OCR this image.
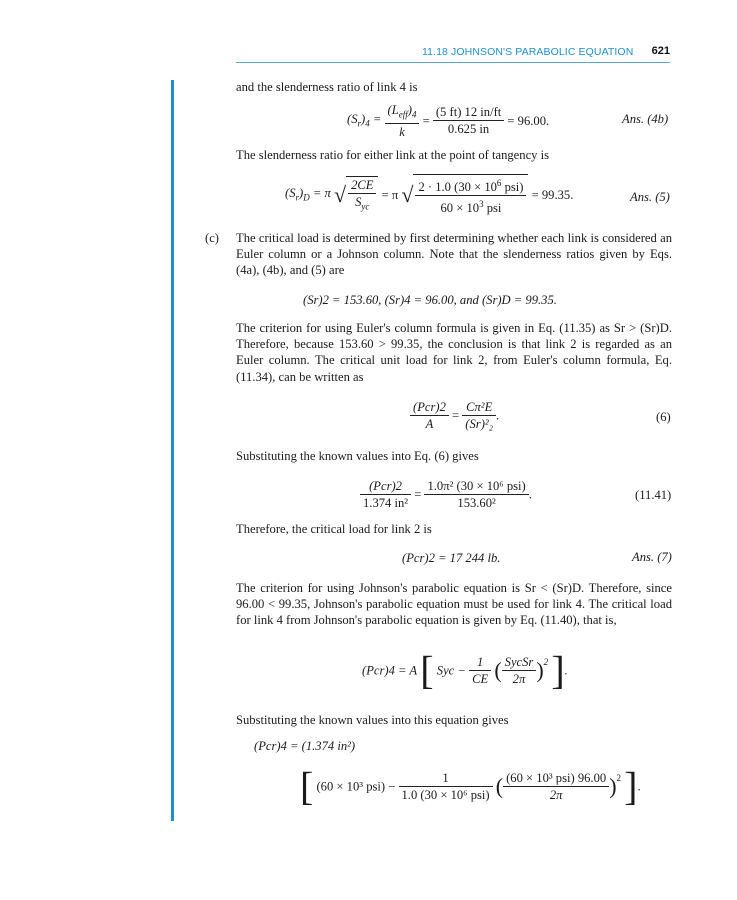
11.18 JOHNSON'S PARABOLIC EQUATION 621
and the slenderness ratio of link 4 is
$(S_r)_4 = \frac{(L_{eff})_4}{k} = \frac{(5 ft) 12 in/ft}{0.625 in} = 96.00$.	Ans. (4b)
The slenderness ratio for either link at the point of tangency is
$(S_r)_D = \pi$ √ $\frac{2CE}{S_{yc}} = \pi$ √ $\frac{2 \cdot 1.0 (30 \times 10^6 psi)}{60 \times 10^3 psi} = 99.35$.	Ans. (5)
(c) The critical load is determined by first determining whether each link is considered an Euler column or a Johnson column. Note that the slenderness ratios given by Eqs. (4a), (4b), and (5) are
(Sr)2 = 153.60, (Sr)4 = 96.00, and (Sr)D = 99.35.
The criterion for using Euler's column formula is given in Eq. (11.35) as Sr > (Sr)D. Therefore, because 153.60 > 99.35, the conclusion is that link 2 is regarded as an Euler column. The critical unit load for link 2, from Euler's column formula, Eq. (11.34), can be written as
$\frac{\text{(Pcr)2}}{A} = \frac{\text{Cπ²E}}{\text{(Sr)²₂}}$ .	(6)
Substituting the known values into Eq. (6) gives
$\frac{\text{(Pcr)2}}{\text{1.374 in²}} = \frac{\text{1.0π² (30 × 10⁶ psi)}}{\text{153.60²}}$ .	(11.41)
Therefore, the critical load for link 2 is
(Pcr)2 = 17 244 lb.	Ans. (7)
The criterion for using Johnson's parabolic equation is Sr < (Sr)D. Therefore, since 96.00 < 99.35, Johnson's parabolic equation must be used for link 4. The critical load for link 4 from Johnson's parabolic equation is given by Eq. (11.40), that is,
(Pcr)4 = A [ Syc − $\frac{1}{CE}$ ( $\frac{\text{SycSr}}{2\pi} )^2$ ].
Substituting the known values into this equation gives
(Pcr)4 = (1.374 in²)
[ (60 × 10³ $psi) - \frac{1}{\text{1.0 (30 × 10⁶ psi)}}$ ( $\frac{\text{(60 × 10³ psi) 96.00}}{2\pi} )^2$ ].
